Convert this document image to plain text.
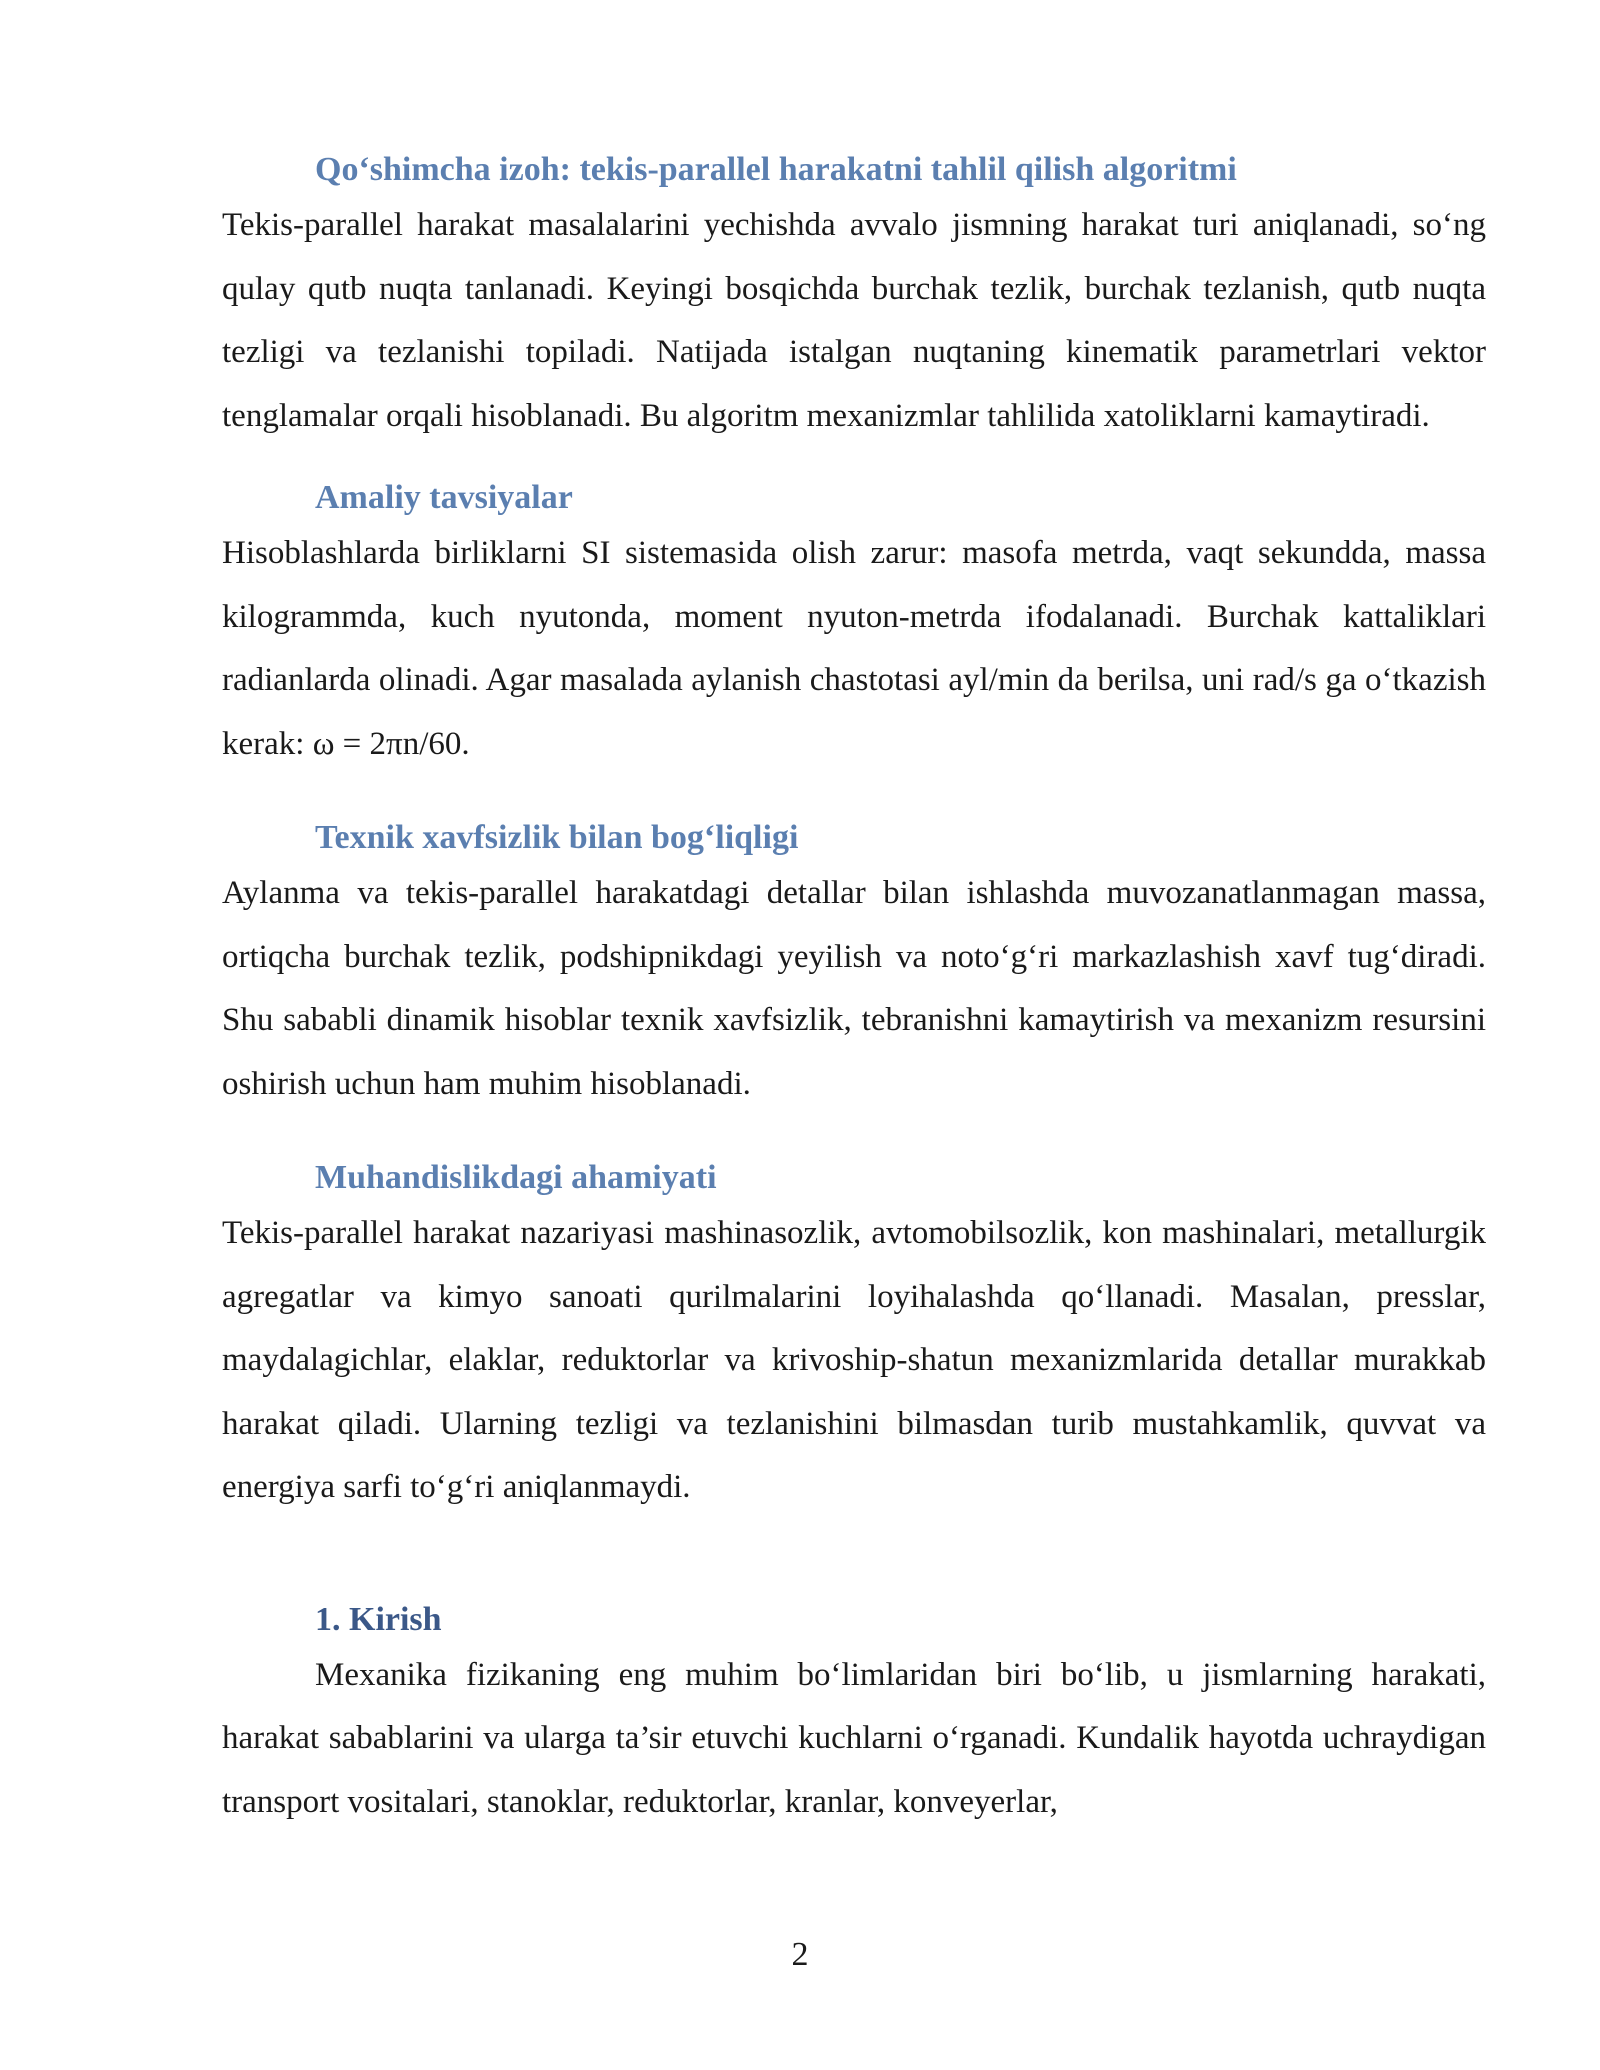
Qo‘shimcha izoh: tekis-parallel harakatni tahlil qilish algoritmi

Tekis-parallel harakat masalalarini yechishda avvalo jismning harakat turi aniqlanadi, so‘ng qulay qutb nuqta tanlanadi. Keyingi bosqichda burchak tezlik, burchak tezlanish, qutb nuqta tezligi va tezlanishi topiladi. Natijada istalgan nuqtaning kinematik parametrlari vektor tenglamalar orqali hisoblanadi. Bu algoritm mexanizmlar tahlilida xatoliklarni kamaytiradi.

Amaliy tavsiyalar

Hisoblashlarda birliklarni SI sistemasida olish zarur: masofa metrda, vaqt sekundda, massa kilogrammda, kuch nyutonda, moment nyuton-metrda ifodalanadi. Burchak kattaliklari radianlarda olinadi. Agar masalada aylanish chastotasi ayl/min da berilsa, uni rad/s ga o‘tkazish kerak: ω = 2πn/60.

Texnik xavfsizlik bilan bog‘liqligi

Aylanma va tekis-parallel harakatdagi detallar bilan ishlashda muvozanatlanmagan massa, ortiqcha burchak tezlik, podshipnikdagi yeyilish va noto‘g‘ri markazlashish xavf tug‘diradi. Shu sababli dinamik hisoblar texnik xavfsizlik, tebranishni kamaytirish va mexanizm resursini oshirish uchun ham muhim hisoblanadi.

Muhandislikdagi ahamiyati

Tekis-parallel harakat nazariyasi mashinasozlik, avtomobilsozlik, kon mashinalari, metallurgik agregatlar va kimyo sanoati qurilmalarini loyihalashda qo‘llanadi. Masalan, presslar, maydalagichlar, elaklar, reduktorlar va krivoship-shatun mexanizmlarida detallar murakkab harakat qiladi. Ularning tezligi va tezlanishini bilmasdan turib mustahkamlik, quvvat va energiya sarfi to‘g‘ri aniqlanmaydi.

1. Kirish

Mexanika fizikaning eng muhim bo‘limlaridan biri bo‘lib, u jismlarning harakati, harakat sabablarini va ularga ta’sir etuvchi kuchlarni o‘rganadi. Kundalik hayotda uchraydigan transport vositalari, stanoklar, reduktorlar, kranlar, konveyerlar,

2
